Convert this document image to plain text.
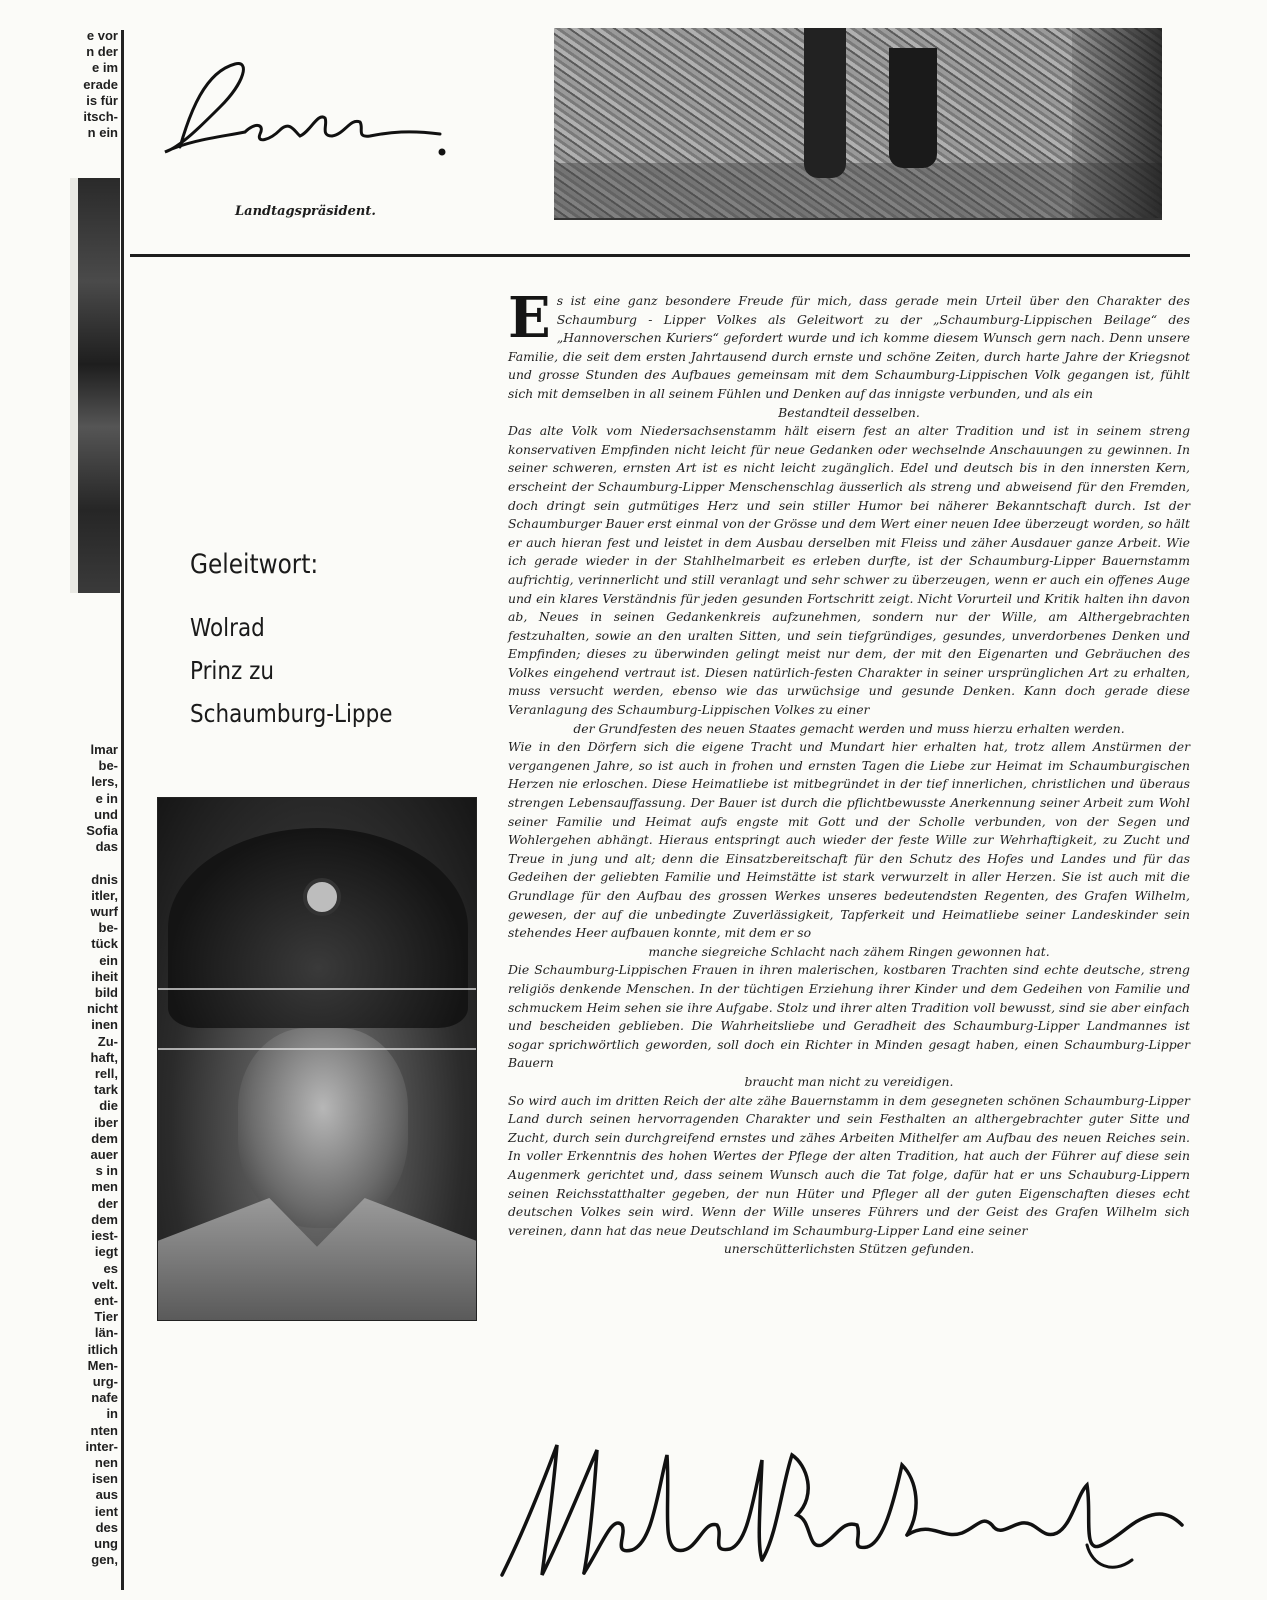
e vor
n der
e im
erade
is für
itsch-
n ein
lmar
be-
lers,
e in
und
Sofia
das

dnis
itler,
wurf
be-
tück
ein
iheit
bild
nicht
inen
Zu-
haft,
rell,
tark
die
iber
dem
auer
s in
men
der
dem
iest-
iegt
es
velt.
ent-
Tier
län-
itlich
Men-
urg-
nafe
in
nten
inter-
nen
isen
aus
ient
des
ung
gen,
Landtagspräsident.
Geleitwort:
Wolrad
Prinz zu
Schaumburg-Lippe

Es ist eine ganz besondere Freude für mich, dass gerade mein Urteil über den Charakter des Schaumburg - Lipper Volkes als Geleitwort zu der „Schaumburg-Lippischen Beilage“ des „Hannoverschen Kuriers“ gefordert wurde und ich komme diesem Wunsch gern nach. Denn unsere Familie, die seit dem ersten Jahrtausend durch ernste und schöne Zeiten, durch harte Jahre der Kriegsnot und grosse Stunden des Aufbaues gemeinsam mit dem Schaumburg-Lippischen Volk gegangen ist, fühlt sich mit demselben in all seinem Fühlen und Denken auf das innigste verbunden, und als ein

Bestandteil desselben.

Das alte Volk vom Niedersachsenstamm hält eisern fest an alter Tradition und ist in seinem streng konservativen Empfinden nicht leicht für neue Gedanken oder wechselnde Anschauungen zu gewinnen. In seiner schweren, ernsten Art ist es nicht leicht zugänglich. Edel und deutsch bis in den innersten Kern, erscheint der Schaumburg-Lipper Menschenschlag äusserlich als streng und abweisend für den Fremden, doch dringt sein gutmütiges Herz und sein stiller Humor bei näherer Bekanntschaft durch. Ist der Schaumburger Bauer erst einmal von der Grösse und dem Wert einer neuen Idee überzeugt worden, so hält er auch hieran fest und leistet in dem Ausbau derselben mit Fleiss und zäher Ausdauer ganze Arbeit. Wie ich gerade wieder in der Stahlhelmarbeit es erleben durfte, ist der Schaumburg-Lipper Bauernstamm aufrichtig, verinnerlicht und still veranlagt und sehr schwer zu überzeugen, wenn er auch ein offenes Auge und ein klares Verständnis für jeden gesunden Fortschritt zeigt. Nicht Vorurteil und Kritik halten ihn davon ab, Neues in seinen Gedankenkreis aufzunehmen, sondern nur der Wille, am Althergebrachten festzuhalten, sowie an den uralten Sitten, und sein tiefgründiges, gesundes, unverdorbenes Denken und Empfinden; dieses zu überwinden gelingt meist nur dem, der mit den Eigenarten und Gebräuchen des Volkes eingehend vertraut ist. Diesen natürlich-festen Charakter in seiner ursprünglichen Art zu erhalten, muss versucht werden, ebenso wie das urwüchsige und gesunde Denken. Kann doch gerade diese Veranlagung des Schaumburg-Lippischen Volkes zu einer

der Grundfesten des neuen Staates gemacht werden und muss hierzu erhalten werden.

Wie in den Dörfern sich die eigene Tracht und Mundart hier erhalten hat, trotz allem Anstürmen der vergangenen Jahre, so ist auch in frohen und ernsten Tagen die Liebe zur Heimat im Schaumburgischen Herzen nie erloschen. Diese Heimatliebe ist mitbegründet in der tief innerlichen, christlichen und überaus strengen Lebensauffassung. Der Bauer ist durch die pflichtbewusste Anerkennung seiner Arbeit zum Wohl seiner Familie und Heimat aufs engste mit Gott und der Scholle verbunden, von der Segen und Wohlergehen abhängt. Hieraus entspringt auch wieder der feste Wille zur Wehrhaftigkeit, zu Zucht und Treue in jung und alt; denn die Einsatzbereitschaft für den Schutz des Hofes und Landes und für das Gedeihen der geliebten Familie und Heimstätte ist stark verwurzelt in aller Herzen. Sie ist auch mit die Grundlage für den Aufbau des grossen Werkes unseres bedeutendsten Regenten, des Grafen Wilhelm, gewesen, der auf die unbedingte Zuverlässigkeit, Tapferkeit und Heimatliebe seiner Landeskinder sein stehendes Heer aufbauen konnte, mit dem er so

manche siegreiche Schlacht nach zähem Ringen gewonnen hat.

Die Schaumburg-Lippischen Frauen in ihren malerischen, kostbaren Trachten sind echte deutsche, streng religiös denkende Menschen. In der tüchtigen Erziehung ihrer Kinder und dem Gedeihen von Familie und schmuckem Heim sehen sie ihre Aufgabe. Stolz und ihrer alten Tradition voll bewusst, sind sie aber einfach und bescheiden geblieben. Die Wahrheitsliebe und Geradheit des Schaumburg-Lipper Landmannes ist sogar sprichwörtlich geworden, soll doch ein Richter in Minden gesagt haben, einen Schaumburg-Lipper Bauern

braucht man nicht zu vereidigen.

So wird auch im dritten Reich der alte zähe Bauernstamm in dem gesegneten schönen Schaumburg-Lipper Land durch seinen hervorragenden Charakter und sein Festhalten an althergebrachter guter Sitte und Zucht, durch sein durchgreifend ernstes und zähes Arbeiten Mithelfer am Aufbau des neuen Reiches sein. In voller Erkenntnis des hohen Wertes der Pflege der alten Tradition, hat auch der Führer auf diese sein Augenmerk gerichtet und, dass seinem Wunsch auch die Tat folge, dafür hat er uns Schauburg-Lippern seinen Reichsstatthalter gegeben, der nun Hüter und Pfleger all der guten Eigenschaften dieses echt deutschen Volkes sein wird. Wenn der Wille unseres Führers und der Geist des Grafen Wilhelm sich vereinen, dann hat das neue Deutschland im Schaumburg-Lipper Land eine seiner

unerschütterlichsten Stützen gefunden.
